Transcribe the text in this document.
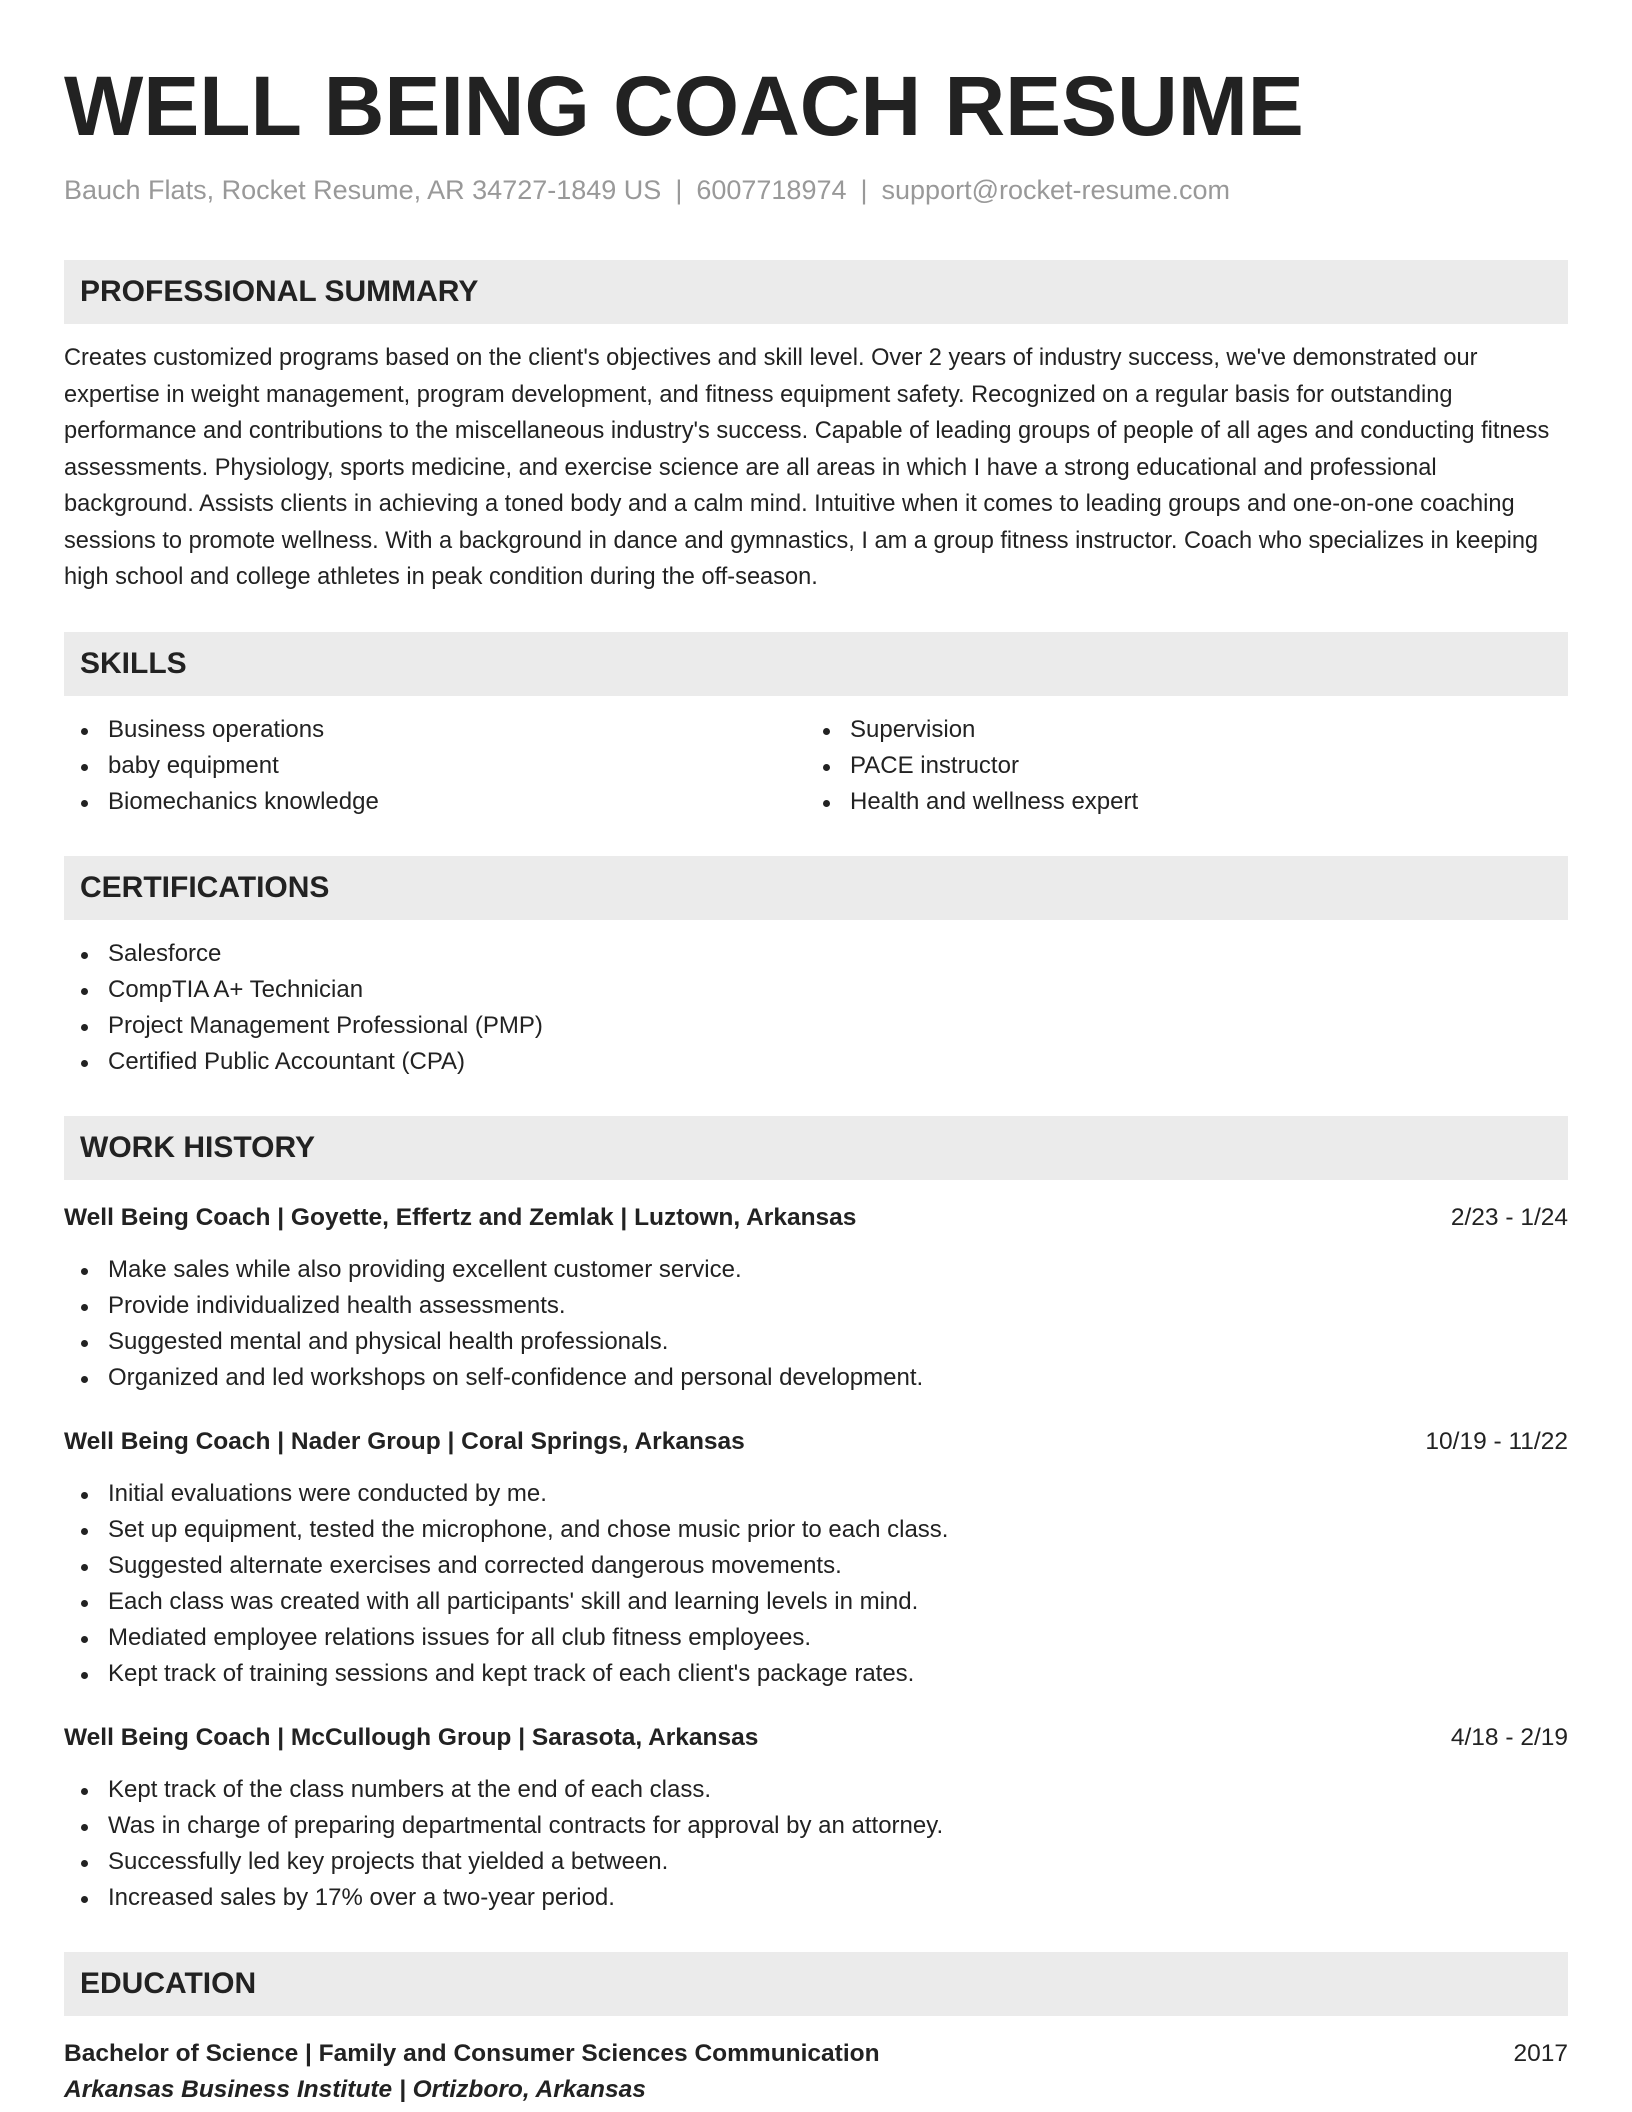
WELL BEING COACH RESUME
Bauch Flats, Rocket Resume, AR 34727-1849 US | 6007718974 | support@rocket-resume.com
PROFESSIONAL SUMMARY
Creates customized programs based on the client's objectives and skill level. Over 2 years of industry success, we've demonstrated our expertise in weight management, program development, and fitness equipment safety. Recognized on a regular basis for outstanding performance and contributions to the miscellaneous industry's success. Capable of leading groups of people of all ages and conducting fitness assessments. Physiology, sports medicine, and exercise science are all areas in which I have a strong educational and professional background. Assists clients in achieving a toned body and a calm mind. Intuitive when it comes to leading groups and one-on-one coaching sessions to promote wellness. With a background in dance and gymnastics, I am a group fitness instructor. Coach who specializes in keeping high school and college athletes in peak condition during the off-season.
SKILLS
Business operations
baby equipment
Biomechanics knowledge
Supervision
PACE instructor
Health and wellness expert
CERTIFICATIONS
Salesforce
CompTIA A+ Technician
Project Management Professional (PMP)
Certified Public Accountant (CPA)
WORK HISTORY
Well Being Coach | Goyette, Effertz and Zemlak | Luztown, Arkansas	2/23 - 1/24
Make sales while also providing excellent customer service.
Provide individualized health assessments.
Suggested mental and physical health professionals.
Organized and led workshops on self-confidence and personal development.
Well Being Coach | Nader Group | Coral Springs, Arkansas	10/19 - 11/22
Initial evaluations were conducted by me.
Set up equipment, tested the microphone, and chose music prior to each class.
Suggested alternate exercises and corrected dangerous movements.
Each class was created with all participants' skill and learning levels in mind.
Mediated employee relations issues for all club fitness employees.
Kept track of training sessions and kept track of each client's package rates.
Well Being Coach | McCullough Group | Sarasota, Arkansas	4/18 - 2/19
Kept track of the class numbers at the end of each class.
Was in charge of preparing departmental contracts for approval by an attorney.
Successfully led key projects that yielded a between.
Increased sales by 17% over a two-year period.
EDUCATION
Bachelor of Science | Family and Consumer Sciences Communication	2017
Arkansas Business Institute | Ortizboro, Arkansas
